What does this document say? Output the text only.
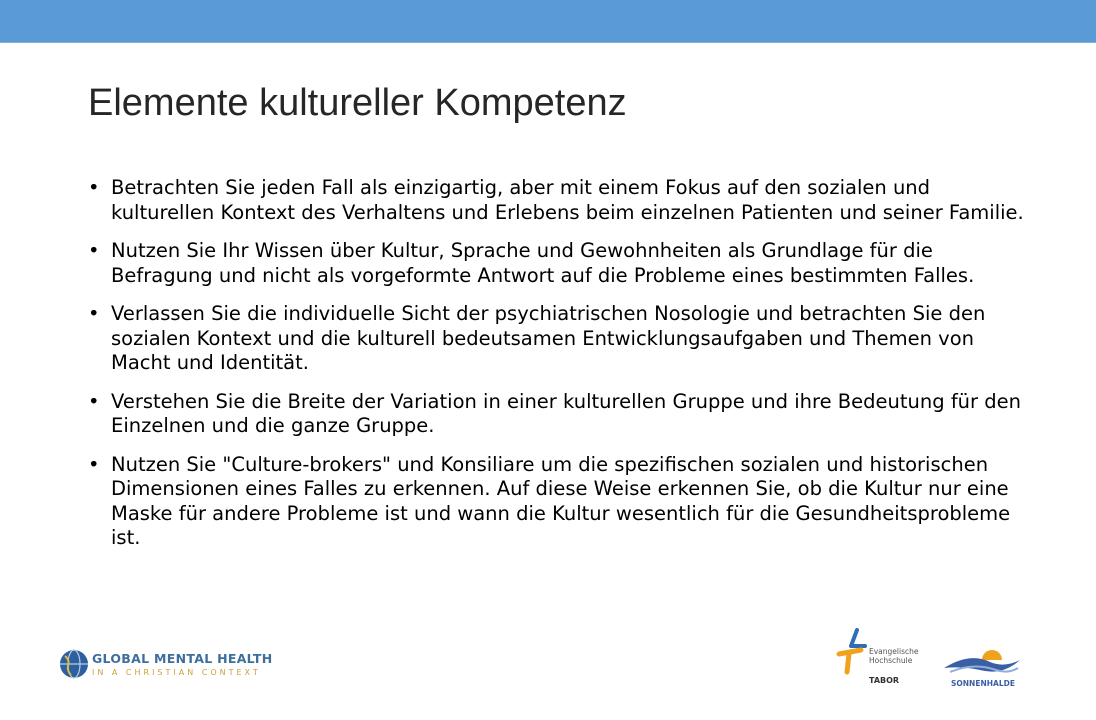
Elemente kultureller Kompetenz
• Betrachten Sie jeden Fall als einzigartig, aber mit einem Fokus auf den sozialen und kulturellen Kontext des Verhaltens und Erlebens beim einzelnen Patienten und seiner Familie.
• Nutzen Sie Ihr Wissen über Kultur, Sprache und Gewohnheiten als Grundlage für die Befragung und nicht als vorgeformte Antwort auf die Probleme eines bestimmten Falles.
• Verlassen Sie die individuelle Sicht der psychiatrischen Nosologie und betrachten Sie den sozialen Kontext und die kulturell bedeutsamen Entwicklungsaufgaben und Themen von Macht und Identität.
• Verstehen Sie die Breite der Variation in einer kulturellen Gruppe und ihre Bedeutung für den Einzelnen und die ganze Gruppe.
• Nutzen Sie "Culture-brokers" und Konsiliare um die spezifischen sozialen und historischen Dimensionen eines Falles zu erkennen. Auf diese Weise erkennen Sie, ob die Kultur nur eine Maske für andere Probleme ist und wann die Kultur wesentlich für die Gesundheitsprobleme ist.
GLOBAL MENTAL HEALTH
IN A CHRISTIAN CONTEXT
Evangelische
Hochschule
TABOR	SONNENHALDE
